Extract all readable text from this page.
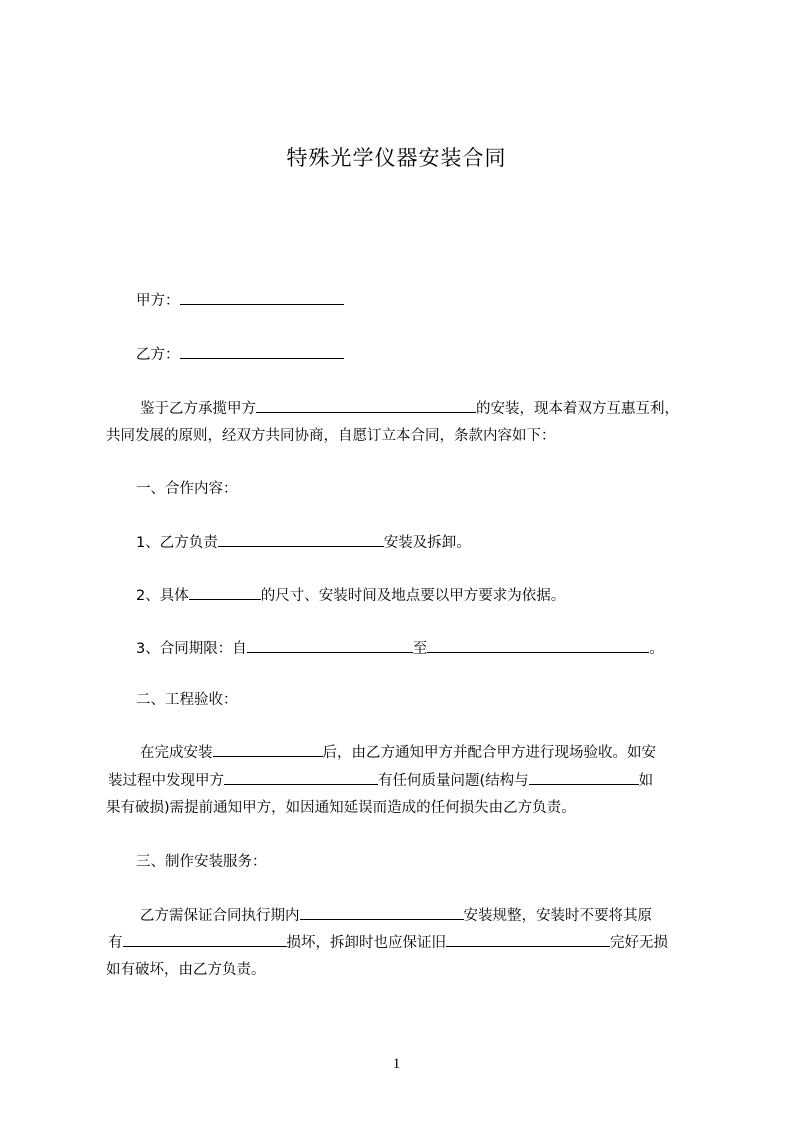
特殊光学仪器安装合同
甲方：
乙方：
鉴于乙方承揽甲方	的安装，现本着双方互惠互利，
共同发展的原则，经双方共同协商，自愿订立本合同，条款内容如下：
一、合作内容：
1、乙方负责	安装及拆卸。
2、具体	的尺寸、安装时间及地点要以甲方要求为依据。
3、合同期限：自	至	。
二、工程验收：
在完成安装	后，由乙方通知甲方并配合甲方进行现场验收。如安
装过程中发现甲方	有任何质量问题(结构与	如
果有破损)需提前通知甲方，如因通知延误而造成的任何损失由乙方负责。
三、制作安装服务：
乙方需保证合同执行期内	安装规整，安装时不要将其原
有	损坏，拆卸时也应保证旧	完好无损
如有破坏，由乙方负责。
1
